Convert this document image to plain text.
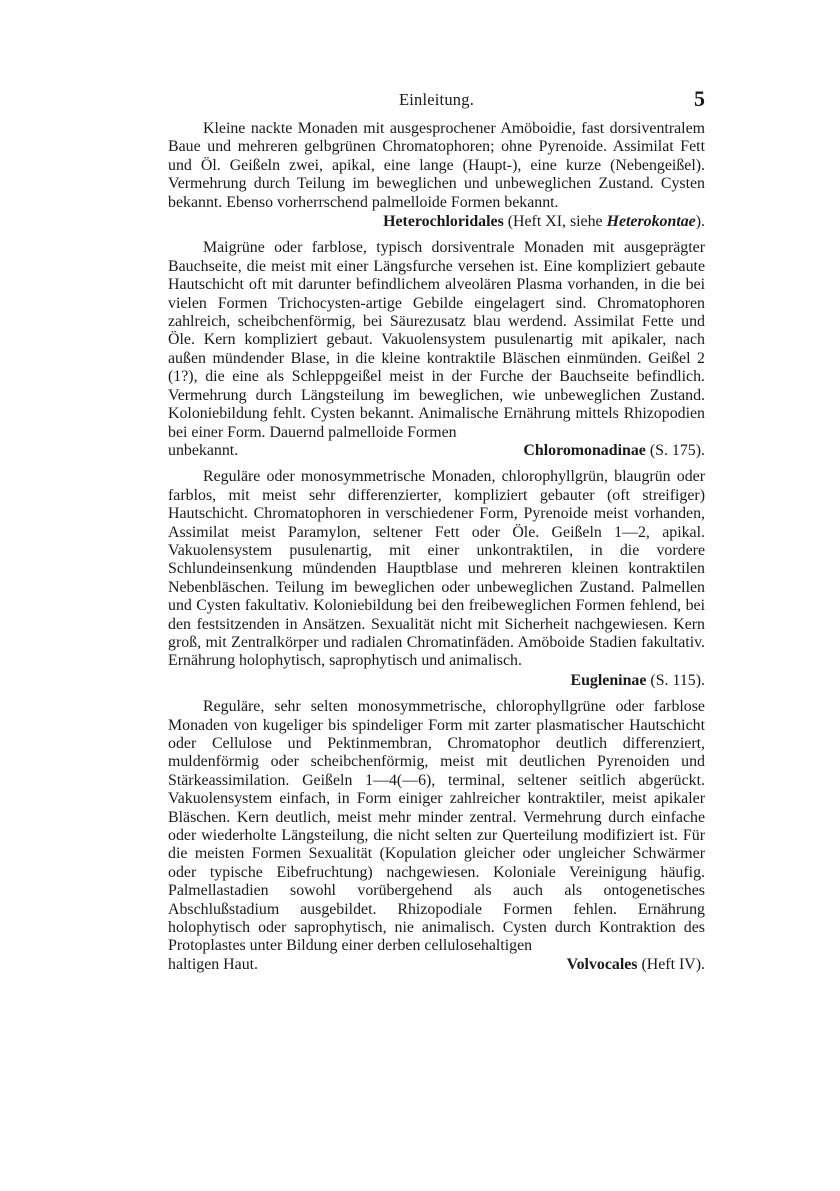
Einleitung.	5

Kleine nackte Monaden mit ausgesprochener Amöboidie, fast dorsiventralem Baue und mehreren gelbgrünen Chromatophoren; ohne Pyrenoide. Assimilat Fett und Öl. Geißeln zwei, apikal, eine lange (Haupt-), eine kurze (Nebengeißel). Vermehrung durch Teilung im beweglichen und unbeweglichen Zustand. Cysten bekannt. Ebenso vorherrschend palmelloide Formen bekannt.

Heterochloridales (Heft XI, siehe Heterokontae).

Maigrüne oder farblose, typisch dorsiventrale Monaden mit ausgeprägter Bauchseite, die meist mit einer Längsfurche versehen ist. Eine kompliziert gebaute Hautschicht oft mit darunter befindlichem alveolären Plasma vorhanden, in die bei vielen Formen Trichocysten-artige Gebilde eingelagert sind. Chromatophoren zahlreich, scheibchenförmig, bei Säurezusatz blau werdend. Assimilat Fette und Öle. Kern kompliziert gebaut. Vakuolensystem pusulenartig mit apikaler, nach außen mündender Blase, in die kleine kontraktile Bläschen einmünden. Geißel 2 (1?), die eine als Schleppgeißel meist in der Furche der Bauchseite befindlich. Vermehrung durch Längsteilung im beweglichen, wie unbeweglichen Zustand. Koloniebildung fehlt. Cysten bekannt. Animalische Ernährung mittels Rhizopodien bei einer Form. Dauernd palmelloide Formen

unbekannt.	Chloromonadinae (S. 175).

Reguläre oder monosymmetrische Monaden, chlorophyllgrün, blaugrün oder farblos, mit meist sehr differenzierter, kompliziert gebauter (oft streifiger) Hautschicht. Chromatophoren in verschiedener Form, Pyrenoide meist vorhanden, Assimilat meist Paramylon, seltener Fett oder Öle. Geißeln 1—2, apikal. Vakuolensystem pusulenartig, mit einer unkontraktilen, in die vordere Schlundeinsenkung mündenden Hauptblase und mehreren kleinen kontraktilen Nebenbläschen. Teilung im beweglichen oder unbeweglichen Zustand. Palmellen und Cysten fakultativ. Koloniebildung bei den freibeweglichen Formen fehlend, bei den festsitzenden in Ansätzen. Sexualität nicht mit Sicherheit nachgewiesen. Kern groß, mit Zentralkörper und radialen Chromatinfäden. Amöboide Stadien fakultativ. Ernährung holophytisch, saprophytisch und animalisch.

Eugleninae (S. 115).

Reguläre, sehr selten monosymmetrische, chlorophyllgrüne oder farblose Monaden von kugeliger bis spindeliger Form mit zarter plasmatischer Hautschicht oder Cellulose und Pektinmembran, Chromatophor deutlich differenziert, muldenförmig oder scheibchenförmig, meist mit deutlichen Pyrenoiden und Stärkeassimilation. Geißeln 1—4(—6), terminal, seltener seitlich abgerückt. Vakuolensystem einfach, in Form einiger zahlreicher kontraktiler, meist apikaler Bläschen. Kern deutlich, meist mehr minder zentral. Vermehrung durch einfache oder wiederholte Längsteilung, die nicht selten zur Querteilung modifiziert ist. Für die meisten Formen Sexualität (Kopulation gleicher oder ungleicher Schwärmer oder typische Eibefruchtung) nachgewiesen. Koloniale Vereinigung häufig. Palmellastadien sowohl vorübergehend als auch als ontogenetisches Abschlußstadium ausgebildet. Rhizopodiale Formen fehlen. Ernährung holophytisch oder saprophytisch, nie animalisch. Cysten durch Kontraktion des Protoplastes unter Bildung einer derben cellulosehaltigen

haltigen Haut.	Volvocales (Heft IV).
